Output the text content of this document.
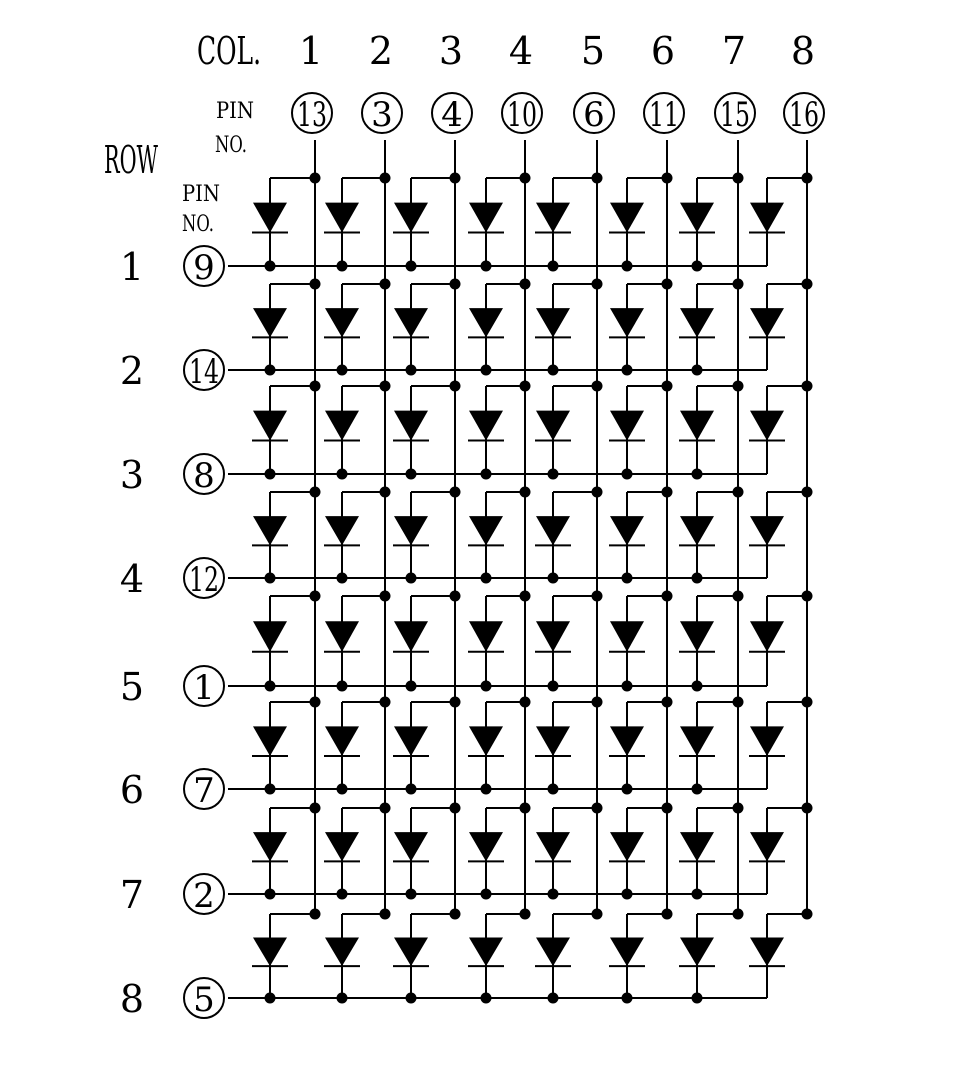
COL.
ROW
PIN
NO.
PIN
NO.
1
13
2
3
3
4
4
10
5
6
6
11
7
15
8
16
1 9
2 14
3 8
4 12
5 1
6 7
7 2
8 5
